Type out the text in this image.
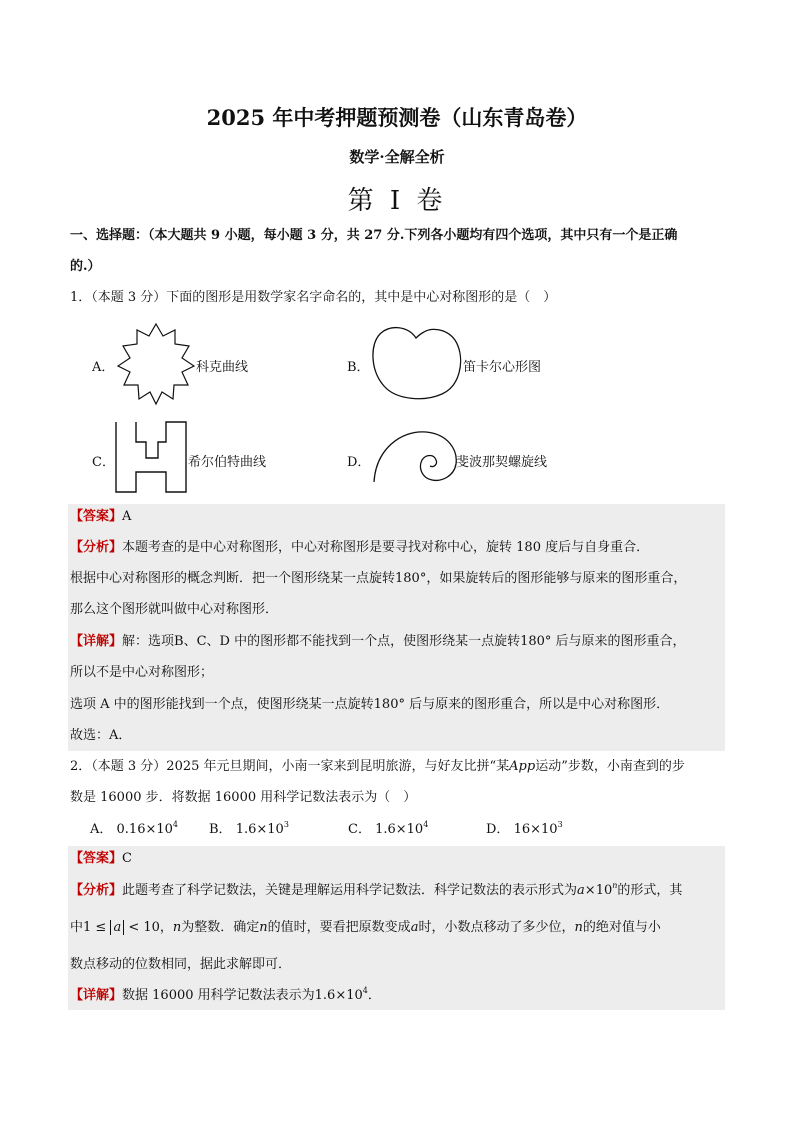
2025 年中考押题预测卷（山东青岛卷）
数学·全解全析
第 I 卷
一、选择题：（本大题共 9 小题，每小题 3 分，共 27 分.下列各小题均有四个选项，其中只有一个是正确
的.）
1．（本题 3 分）下面的图形是用数学家名字命名的，其中是中心对称图形的是（　）
A．	科克曲线	B．	笛卡尔心形图
C．	希尔伯特曲线	D．	斐波那契螺旋线
【答案】A
【分析】本题考查的是中心对称图形，中心对称图形是要寻找对称中心，旋转 180 度后与自身重合．
根据中心对称图形的概念判断．把一个图形绕某一点旋转180°，如果旋转后的图形能够与原来的图形重合，
那么这个图形就叫做中心对称图形．
【详解】解：选项B、C、D 中的图形都不能找到一个点，使图形绕某一点旋转180° 后与原来的图形重合，
所以不是中心对称图形；
选项 A 中的图形能找到一个点，使图形绕某一点旋转180° 后与原来的图形重合，所以是中心对称图形．
故选：A．
2．（本题 3 分）2025 年元旦期间，小南一家来到昆明旅游，与好友比拼“某App运动”步数，小南查到的步
数是 16000 步．将数据 16000 用科学记数法表示为（　）
A． $0.16\times 10^4$ B． $1.6\times 10^3$	C． $1.6\times 10^4$	D． $16\times 10^3$
【答案】C
【分析】此题考查了科学记数法，关键是理解运用科学记数法．科学记数法的表示形式为$a\times 10^n$的形式，其
中1 ≤ a < 10，n为整数．确定n的值时，要看把原数变成a时，小数点移动了多少位，n的绝对值与小
数点移动的位数相同，据此求解即可．
【详解】数据 16000 用科学记数法表示为$1.6\times 10^4$．
